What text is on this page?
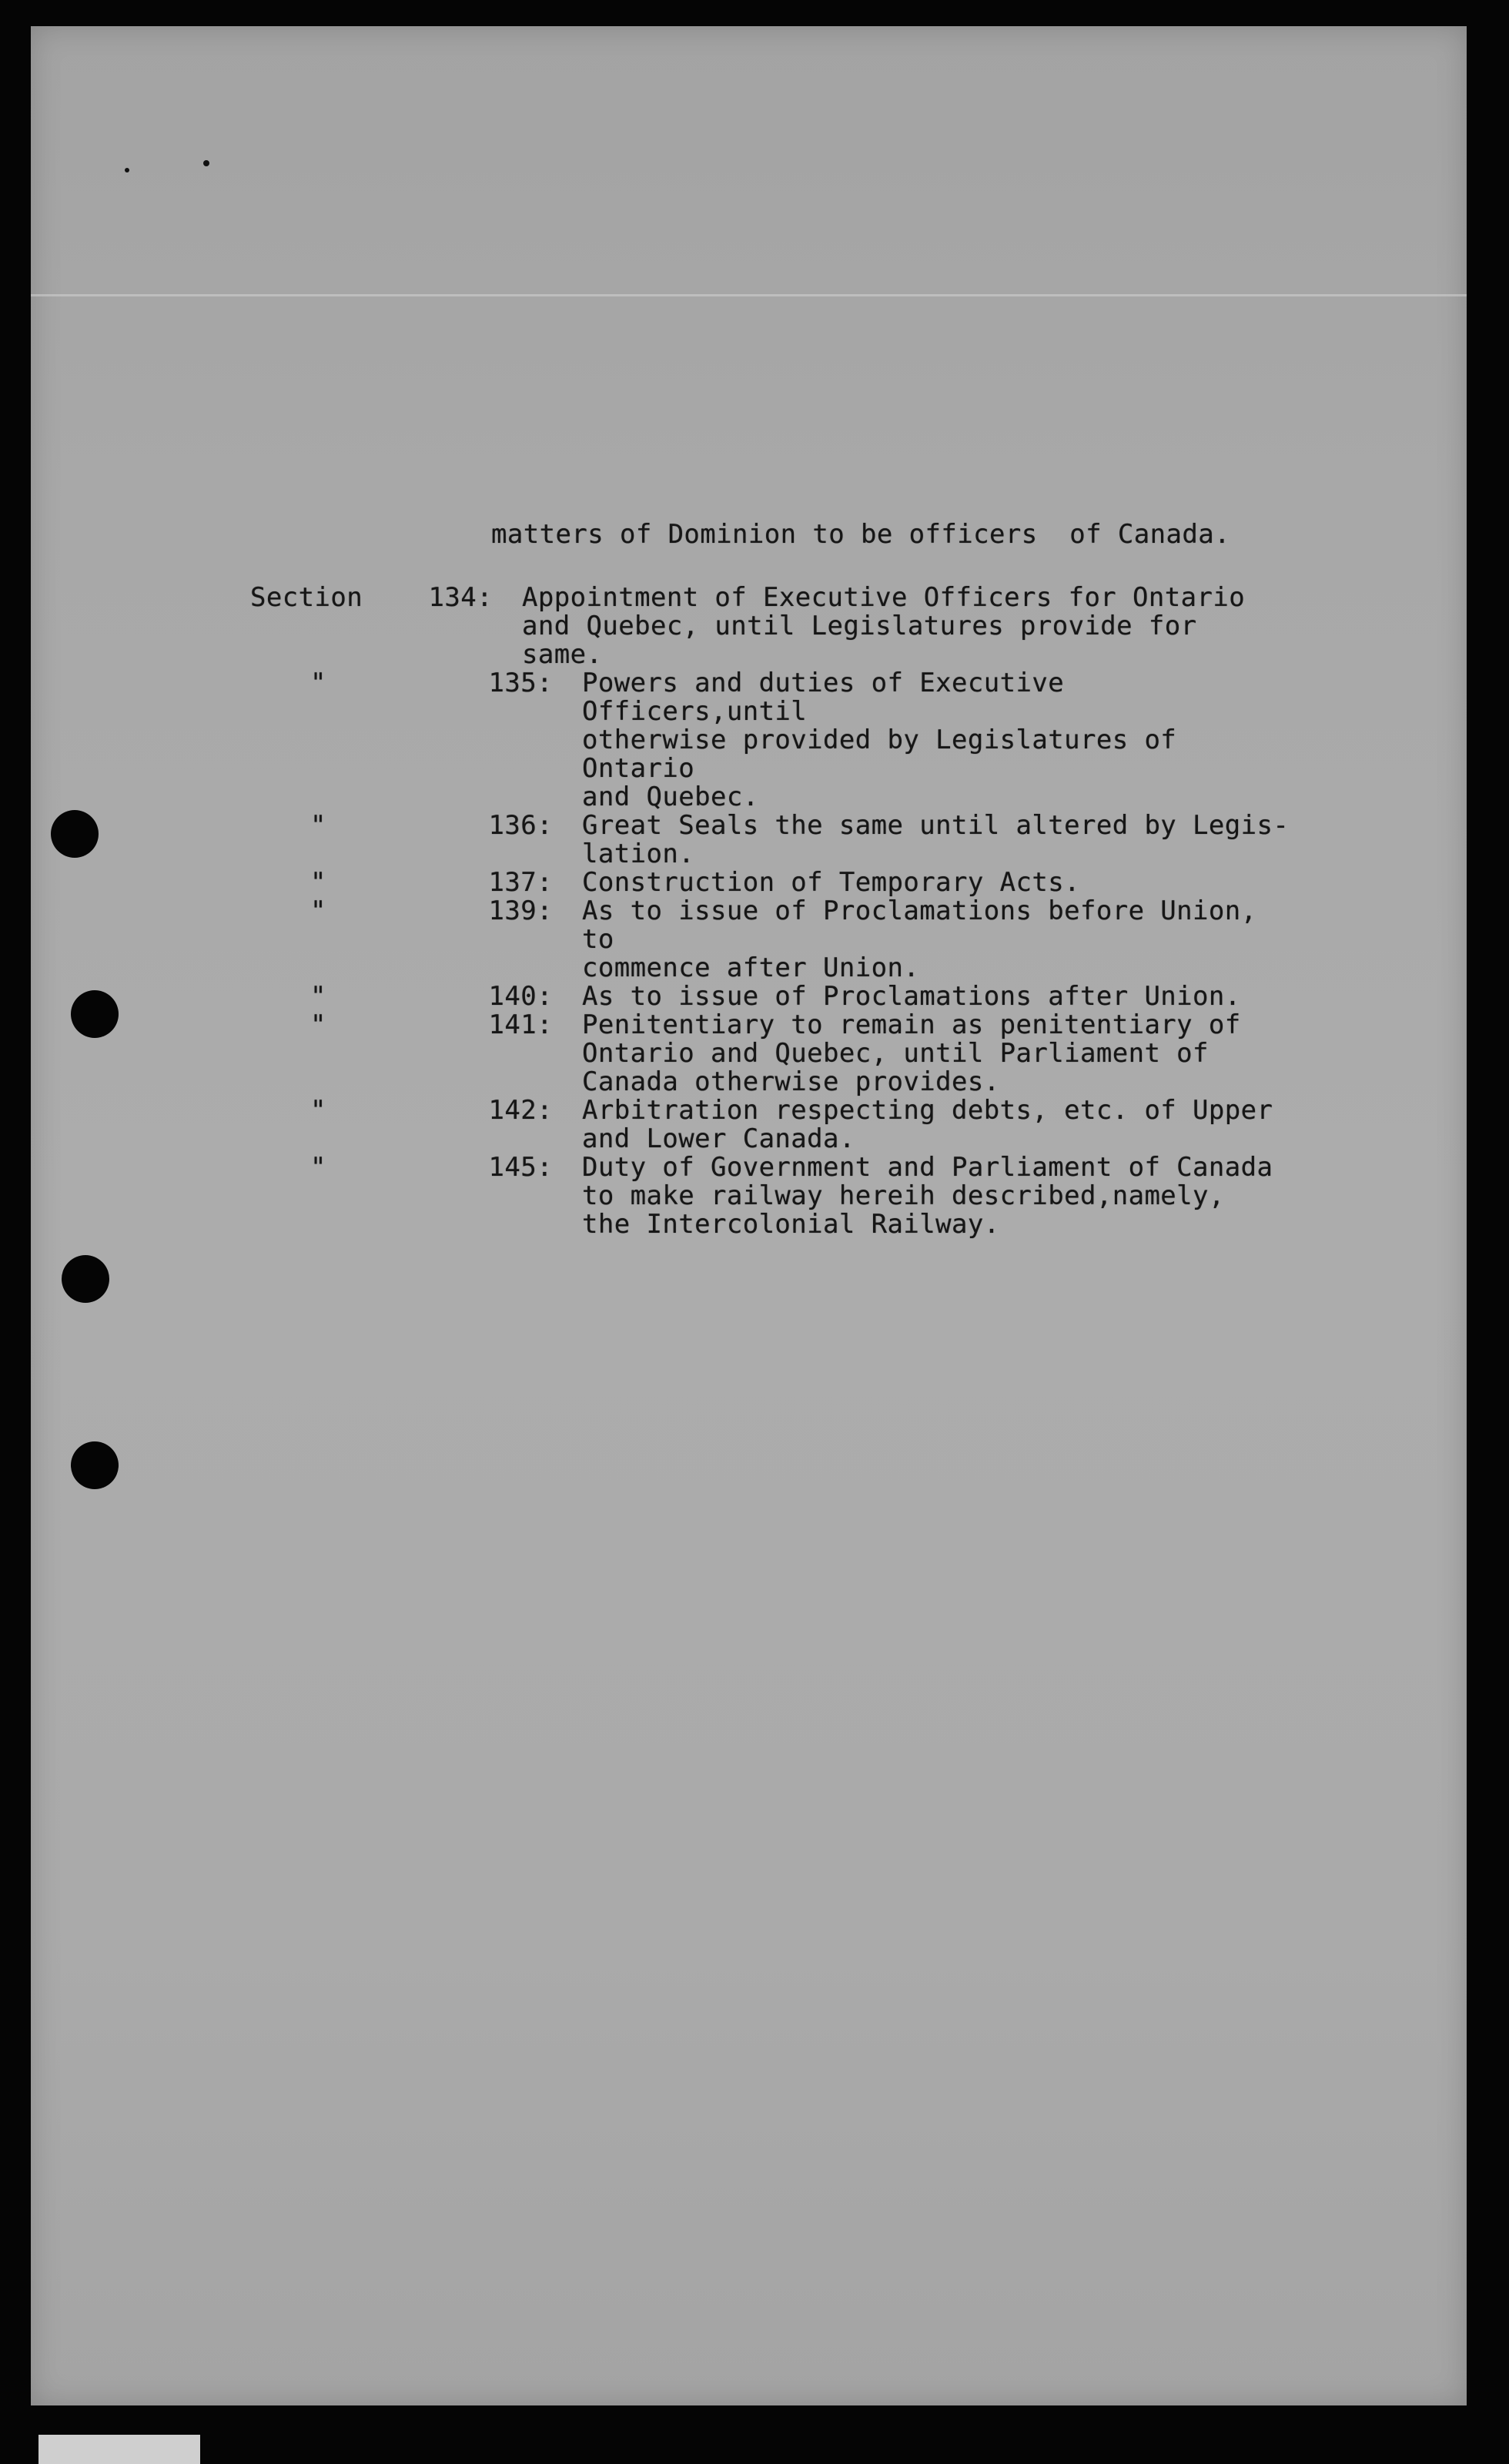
matters of Dominion to be officers  of Canada.
Section	134:	Appointment of Executive Officers for Ontario
and Quebec, until Legislatures provide for
same.
"	135:	Powers and duties of Executive Officers,until
otherwise provided by Legislatures of Ontario
and Quebec.
"	136:	Great Seals the same until altered by Legis-
lation.
"	137:	Construction of Temporary Acts.
"	139:	As to issue of Proclamations before Union, to
commence after Union.
"	140:	As to issue of Proclamations after Union.
"	141:	Penitentiary to remain as penitentiary of
Ontario and Quebec, until Parliament of
Canada otherwise provides.
"	142:	Arbitration respecting debts, etc. of Upper
and Lower Canada.
"	145:	Duty of Government and Parliament of Canada
to make railway hereih described,namely,
the Intercolonial Railway.
